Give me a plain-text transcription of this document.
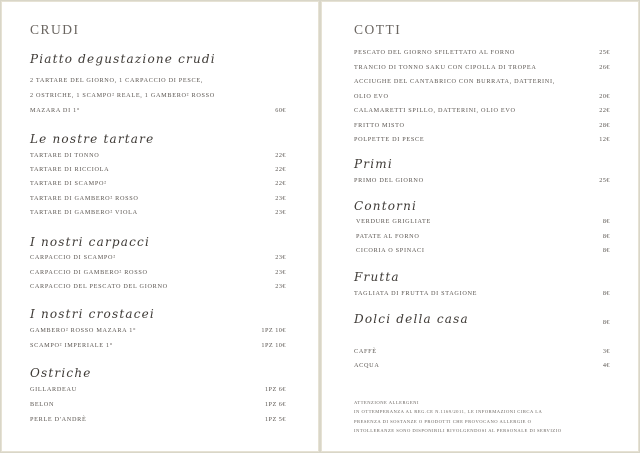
CRUDI
Piatto degustazione crudi
2 TARTARE DEL GIORNO, 1 CARPACCIO DI PESCE,
2 OSTRICHE, 1 SCAMPO² REALE, 1 GAMBERO² ROSSO
MAZARA DI 1°	60€
Le nostre tartare
TARTARE DI TONNO	22€
TARTARE DI RICCIOLA	22€
TARTARE DI SCAMPO²	22€
TARTARE DI GAMBERO² ROSSO	23€
TARTARE DI GAMBERO² VIOLA	23€
I nostri carpacci
CARPACCIO DI SCAMPO²	23€
CARPACCIO DI GAMBERO² ROSSO	23€
CARPACCIO DEL PESCATO DEL GIORNO	23€
I nostri crostacei
GAMBERO² ROSSO MAZARA 1°	1PZ 10€
SCAMPO² IMPERIALE 1°	1PZ 10€
Ostriche
GILLARDEAU	1PZ 6€
BELON	1PZ 6€
PERLE D'ANDRÈ	1PZ 5€
COTTI
PESCATO DEL GIORNO SFILETTATO AL FORNO	25€
TRANCIO DI TONNO SAKU CON CIPOLLA DI TROPEA	26€
ACCIUGHE DEL CANTABRICO CON BURRATA, DATTERINI,
OLIO EVO	20€
CALAMARETTI SPILLO, DATTERINI, OLIO EVO	22€
FRITTO MISTO	28€
POLPETTE DI PESCE	12€
Primi
PRIMO DEL GIORNO	25€
Contorni
VERDURE GRIGLIATE	8€
PATATE AL FORNO	8€
CICORIA O SPINACI	8€
Frutta
TAGLIATA DI FRUTTA DI STAGIONE	8€
Dolci della casa	8€
CAFFÈ	3€
ACQUA	4€
ATTENZIONE ALLERGENI
IN OTTEMPERANZA AL REG.CE N.1169/2011, LE INFORMAZIONI CIRCA LA
PRESENZA DI SOSTANZE O PRODOTTI CHE PROVOCANO ALLERGIE O
INTOLLERANZE SONO DISPONIBILI RIVOLGENDOSI AL PERSONALE DI SERVIZIO
